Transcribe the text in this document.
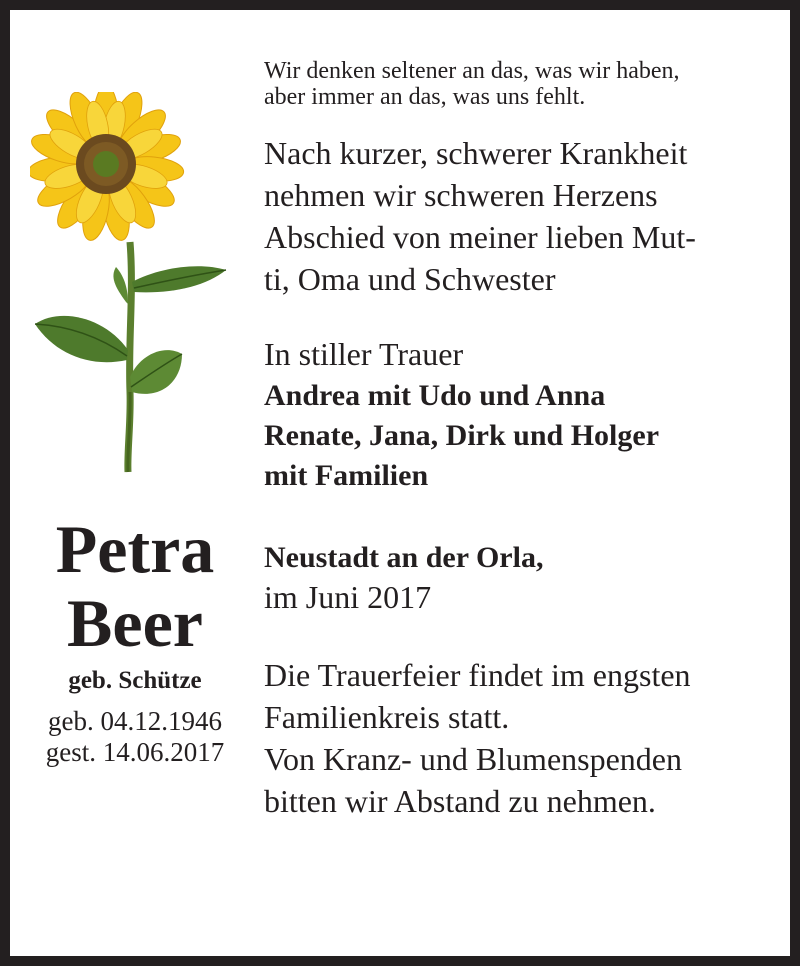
Petra
Beer
geb. Schütze
geb. 04.12.1946
gest. 14.06.2017
Wir denken seltener an das, was wir haben,
aber immer an das, was uns fehlt.
Nach kurzer, schwerer Krankheit
nehmen wir schweren Herzens
Abschied von meiner lieben Mut-
ti, Oma und Schwester
In stiller Trauer
Andrea mit Udo und Anna
Renate, Jana, Dirk und Holger
mit Familien
Neustadt an der Orla,
im Juni 2017
Die Trauerfeier findet im engsten
Familienkreis statt.
Von Kranz- und Blumenspenden
bitten wir Abstand zu nehmen.
